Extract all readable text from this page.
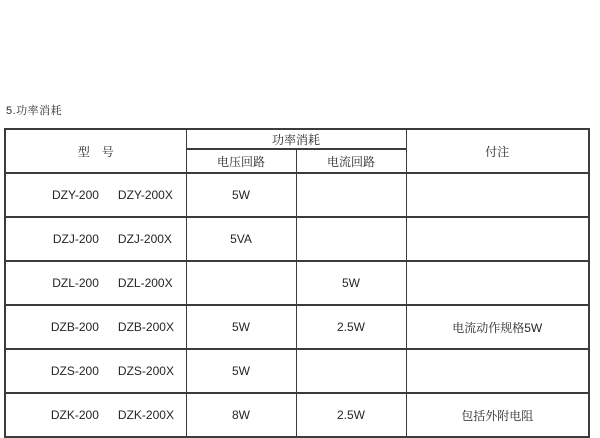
5.功率消耗
型　号	功率消耗		付注
	电压回路	电流回路	

DZY-200 DZY-200X	5W		

DZJ-200 DZJ-200X	5VA		

DZL-200 DZL-200X		5W	

DZB-200 DZB-200X	5W	2.5W	电流动作规格5W

DZS-200 DZS-200X	5W		

DZK-200 DZK-200X	8W	2.5W	包括外附电阻
